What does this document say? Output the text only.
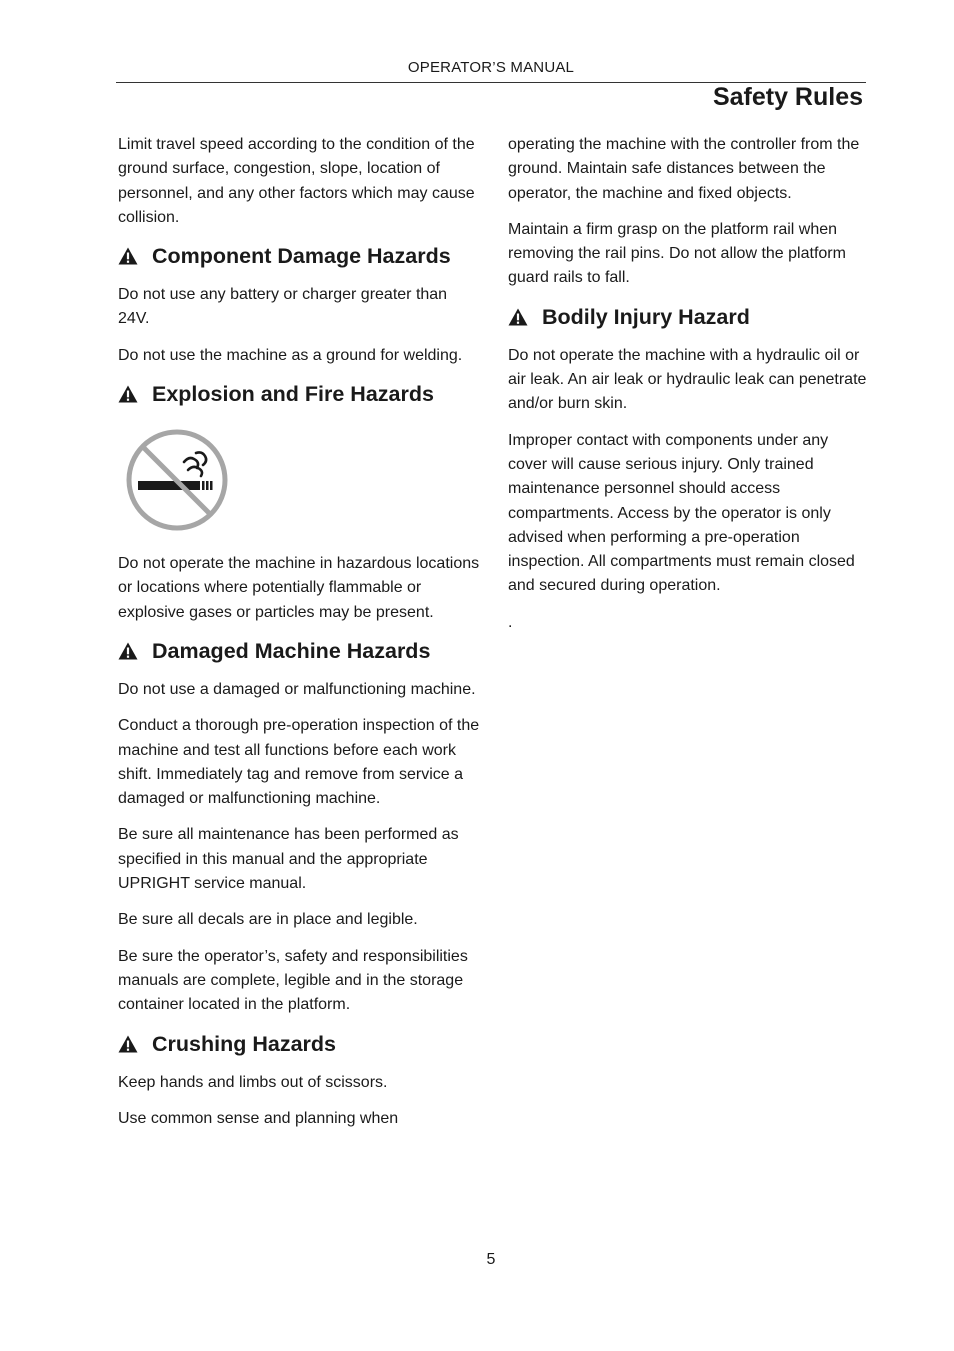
OPERATOR’S MANUAL
Safety Rules

Limit travel speed according to the condition of the ground surface, congestion, slope, location of personnel, and any other factors which may cause collision.

Component Damage Hazards

Do not use any battery or charger greater than 24V.

Do not use the machine as a ground for welding.

Explosion and Fire Hazards

Do not operate the machine in hazardous locations or locations where potentially flammable or explosive gases or particles may be present.

Damaged Machine Hazards

Do not use a damaged or malfunctioning machine.

Conduct a thorough pre-operation inspection of the machine and test all functions before each work shift. Immediately tag and remove from service a damaged or malfunctioning machine.

Be sure all maintenance has been performed as specified in this manual and the appropriate UPRIGHT service manual.

Be sure all decals are in place and legible.

Be sure the operator’s, safety and responsibilities manuals are complete, legible and in the storage container located in the platform.

Crushing Hazards

Keep hands and limbs out of scissors.

Use common sense and planning when

operating the machine with the controller from the ground. Maintain safe distances between the operator, the machine and fixed objects.

Maintain a firm grasp on the platform rail when removing the rail pins. Do not allow the platform guard rails to fall.

Bodily Injury Hazard

Do not operate the machine with a hydraulic oil or air leak. An air leak or hydraulic leak can penetrate and/or burn skin.

Improper contact with components under any cover will cause serious injury. Only trained maintenance personnel should access compartments. Access by the operator is only advised when performing a pre-operation inspection. All compartments must remain closed and secured during operation.

.

5
